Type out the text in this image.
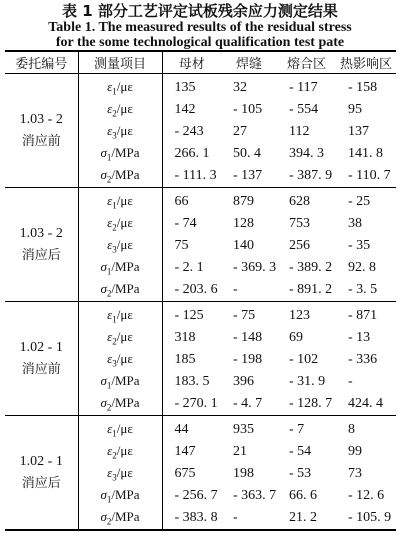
表 1 部分工艺评定试板残余应力测定结果
Table 1. The measured results of the residual stress
for the some technological qualification test pate
委托编号	测量项目	母材	焊缝	熔合区	热影响区

1.03 - 2
消应前	$\varepsilon_1/\mu\varepsilon$	135	32	- 117	- 158
	$\varepsilon_2/\mu\varepsilon$	142	- 105	- 554	95
	$\varepsilon_3/\mu\varepsilon$	- 243	27	112	137
	$\sigma_1$/MPa	266. 1	50. 4	394. 3	141. 8
	$\sigma_2$/MPa	- 111. 3	- 137	- 387. 9	- 110. 7

1.03 - 2
消应后	$\varepsilon_1/\mu\varepsilon$	66	879	628	- 25
	$\varepsilon_2/\mu\varepsilon$	- 74	128	753	38
	$\varepsilon_3/\mu\varepsilon$	75	140	256	- 35
	$\sigma_1$/MPa	- 2. 1	- 369. 3	- 389. 2	92. 8
	$\sigma_2$/MPa	- 203. 6	-	- 891. 2	- 3. 5

1.02 - 1
消应前	$\varepsilon_1/\mu\varepsilon$	- 125	- 75	123	- 871
	$\varepsilon_2/\mu\varepsilon$	318	- 148	69	- 13
	$\varepsilon_3/\mu\varepsilon$	185	- 198	- 102	- 336
	$\sigma_1$/MPa	183. 5	396	- 31. 9	-
	$\sigma_2$/MPa	- 270. 1	- 4. 7	- 128. 7	424. 4

1.02 - 1
消应后	$\varepsilon_1/\mu\varepsilon$	44	935	- 7	8
	$\varepsilon_2/\mu\varepsilon$	147	21	- 54	99
	$\varepsilon_3/\mu\varepsilon$	675	198	- 53	73
	$\sigma_1$/MPa	- 256. 7	- 363. 7	66. 6	- 12. 6
	$\sigma_2$/MPa	- 383. 8	-	21. 2	- 105. 9
